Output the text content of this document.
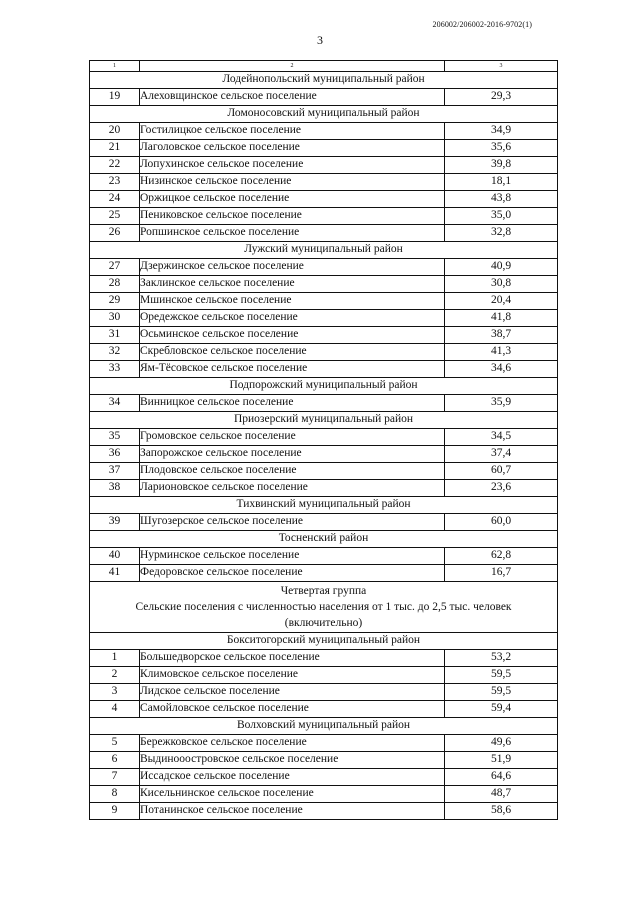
206002/206002-2016-9702(1)
3
1	2	3
Лодейнопольский муниципальный район		
19	Алеховщинское сельское поселение	29,3
Ломоносовский муниципальный район		
20	Гостилицкое сельское поселение	34,9
21	Лаголовское сельское поселение	35,6
22	Лопухинское сельское поселение	39,8
23	Низинское сельское поселение	18,1
24	Оржицкое сельское поселение	43,8
25	Пениковское сельское поселение	35,0
26	Ропшинское сельское поселение	32,8
Лужский муниципальный район		
27	Дзержинское сельское поселение	40,9
28	Заклинское сельское поселение	30,8
29	Мшинское сельское поселение	20,4
30	Оредежское сельское поселение	41,8
31	Осьминское сельское поселение	38,7
32	Скребловское сельское поселение	41,3
33	Ям-Тёсовское сельское поселение	34,6
Подпорожский муниципальный район		
34	Винницкое сельское поселение	35,9
Приозерский муниципальный район		
35	Громовское сельское поселение	34,5
36	Запорожское сельское поселение	37,4
37	Плодовское сельское поселение	60,7
38	Ларионовское сельское поселение	23,6
Тихвинский муниципальный район		
39	Шугозерское сельское поселение	60,0
Тосненский район		
40	Нурминское сельское поселение	62,8
41	Федоровское сельское поселение	16,7

Четвертая группа
Сельские поселения с численностью населения от 1 тыс. до 2,5 тыс. человек
(включительно)		

Бокситогорский муниципальный район		
1	Большедворское сельское поселение	53,2
2	Климовское сельское поселение	59,5
3	Лидское сельское поселение	59,5
4	Самойловское сельское поселение	59,4
Волховский муниципальный район		
5	Бережковское сельское поселение	49,6
6	Выдинооостровское сельское поселение	51,9
7	Иссадское сельское поселение	64,6
8	Кисельнинское сельское поселение	48,7
9	Потанинское сельское поселение	58,6
